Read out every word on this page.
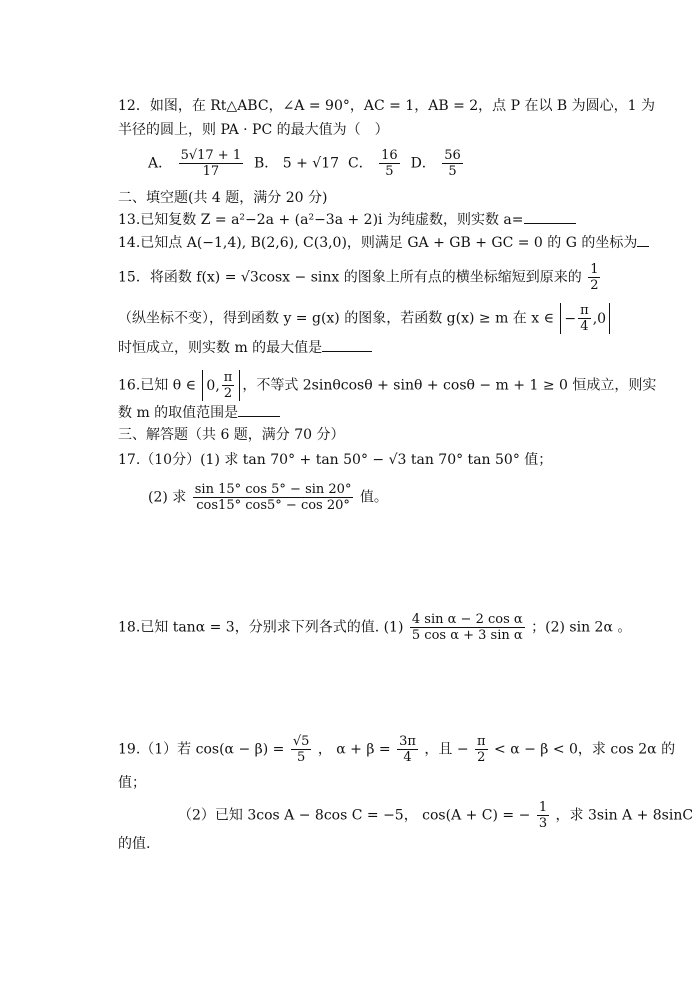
12．如图，在 Rt△ABC，∠A = 90°，AC = 1，AB = 2，点 P 在以 B 为圆心，1 为
半径的圆上，则 PA · PC 的最大值为（　）
A． $\frac{5√17 + 1}{17}$ B． 5 + √17 C． $\frac{16}{5}$ D． $\frac{56}{5}$
二、填空题(共 4 题，满分 20 分)
13.已知复数 Z = a²−2a + (a²−3a + 2)i 为纯虚数，则实数 a=
14.已知点 A(−1,4), B(2,6), C(3,0)，则满足 GA + GB + GC = 0 的 G 的坐标为
15．将函数 f(x) = √3cosx − sinx 的图象上所有点的横坐标缩短到原来的 $\frac{1}{2}$
（纵坐标不变），得到函数 y = g(x) 的图象，若函数 g(x) ≥ m 在 x ∈ − $\frac{\pi}{4} ,0$
时恒成立，则实数 m 的最大值是
16.已知 θ ∈ 0, $\frac{\pi}{2}$ ，不等式 2sinθcosθ + sinθ + cosθ − m + 1 ≥ 0 恒成立，则实
数 m 的取值范围是
三、解答题（共 6 题，满分 70 分）
17.（10分）(1) 求 tan 70° + tan 50° − √3 tan 70° tan 50° 值；
(2) 求 $\frac{\sin 15^\circ \cos 5^\circ - \sin 20^\circ}{\cos 15^\circ \cos 5^\circ - \cos 20^\circ}$ 值。
18.已知 tanα = 3，分别求下列各式的值. $(1) \frac{\text{4 sin α − 2 cos α}}{\text{5 cos α + 3 sin α}}$ ；(2) sin 2α 。
19.（1）若 $\cos(\alpha - \beta) = \frac{√5}{5}$ ， $\alpha + \beta = \frac{3\pi}{4}$ ，且 − $\frac{\pi}{2} < \alpha - \beta < 0$，求 cos 2α 的
值；
（2）已知 3cos A − 8cos C = −5， cos(A + C) = − $\frac{1}{3}$ ，求 3sin A + 8sinC
的值.
